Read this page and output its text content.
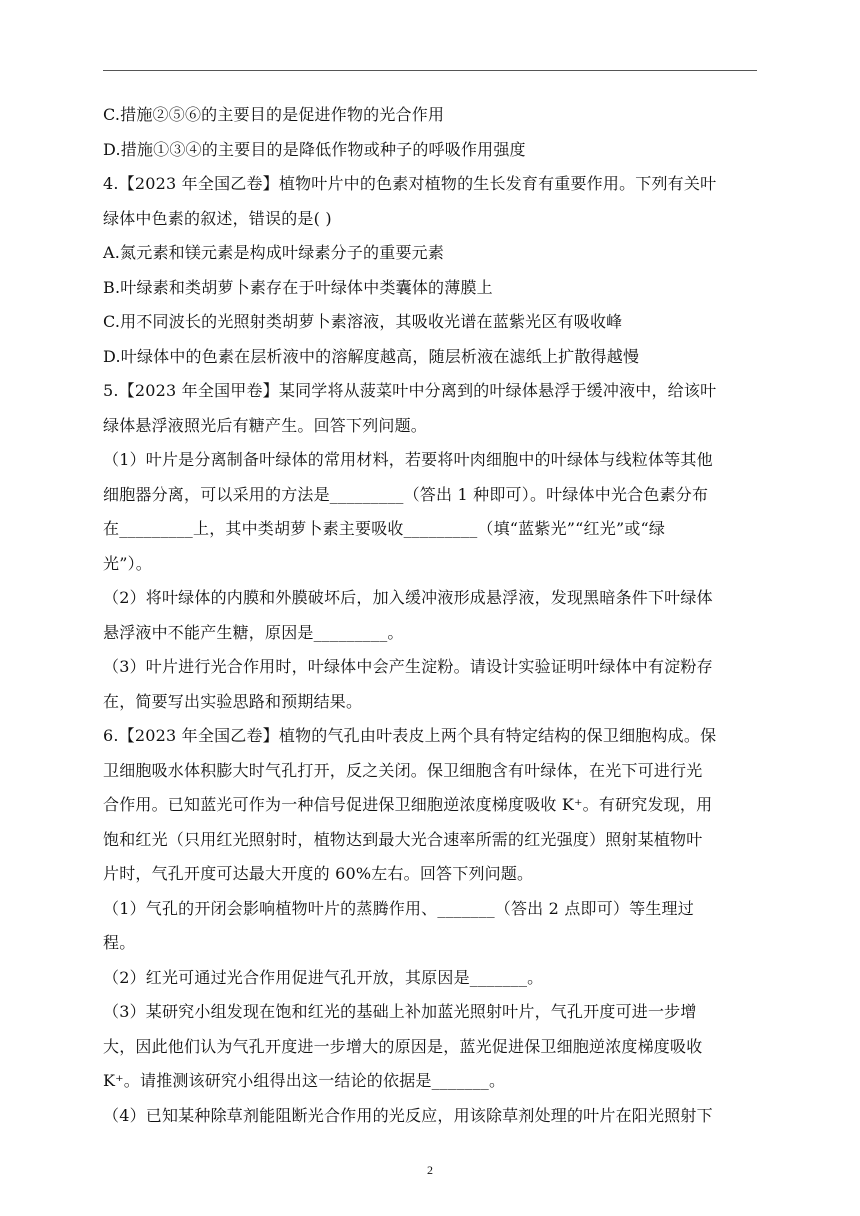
C.措施②⑤⑥的主要目的是促进作物的光合作用
D.措施①③④的主要目的是降低作物或种子的呼吸作用强度
4.【2023 年全国乙卷】植物叶片中的色素对植物的生长发育有重要作用。下列有关叶
绿体中色素的叙述，错误的是( )
A.氮元素和镁元素是构成叶绿素分子的重要元素
B.叶绿素和类胡萝卜素存在于叶绿体中类囊体的薄膜上
C.用不同波长的光照射类胡萝卜素溶液，其吸收光谱在蓝紫光区有吸收峰
D.叶绿体中的色素在层析液中的溶解度越高，随层析液在滤纸上扩散得越慢
5.【2023 年全国甲卷】某同学将从菠菜叶中分离到的叶绿体悬浮于缓冲液中，给该叶
绿体悬浮液照光后有糖产生。回答下列问题。
（1）叶片是分离制备叶绿体的常用材料，若要将叶肉细胞中的叶绿体与线粒体等其他
细胞器分离，可以采用的方法是_________（答出 1 种即可）。叶绿体中光合色素分布
在_________上，其中类胡萝卜素主要吸收_________（填“蓝紫光”“红光”或“绿
光”）。
（2）将叶绿体的内膜和外膜破坏后，加入缓冲液形成悬浮液，发现黑暗条件下叶绿体
悬浮液中不能产生糖，原因是_________。
（3）叶片进行光合作用时，叶绿体中会产生淀粉。请设计实验证明叶绿体中有淀粉存
在，简要写出实验思路和预期结果。
6.【2023 年全国乙卷】植物的气孔由叶表皮上两个具有特定结构的保卫细胞构成。保
卫细胞吸水体积膨大时气孔打开，反之关闭。保卫细胞含有叶绿体，在光下可进行光
合作用。已知蓝光可作为一种信号促进保卫细胞逆浓度梯度吸收 K⁺。有研究发现，用
饱和红光（只用红光照射时，植物达到最大光合速率所需的红光强度）照射某植物叶
片时，气孔开度可达最大开度的 60%左右。回答下列问题。
（1）气孔的开闭会影响植物叶片的蒸腾作用、_______（答出 2 点即可）等生理过
程。
（2）红光可通过光合作用促进气孔开放，其原因是_______。
（3）某研究小组发现在饱和红光的基础上补加蓝光照射叶片，气孔开度可进一步增
大，因此他们认为气孔开度进一步增大的原因是，蓝光促进保卫细胞逆浓度梯度吸收
K⁺。请推测该研究小组得出这一结论的依据是_______。
（4）已知某种除草剂能阻断光合作用的光反应，用该除草剂处理的叶片在阳光照射下
2
